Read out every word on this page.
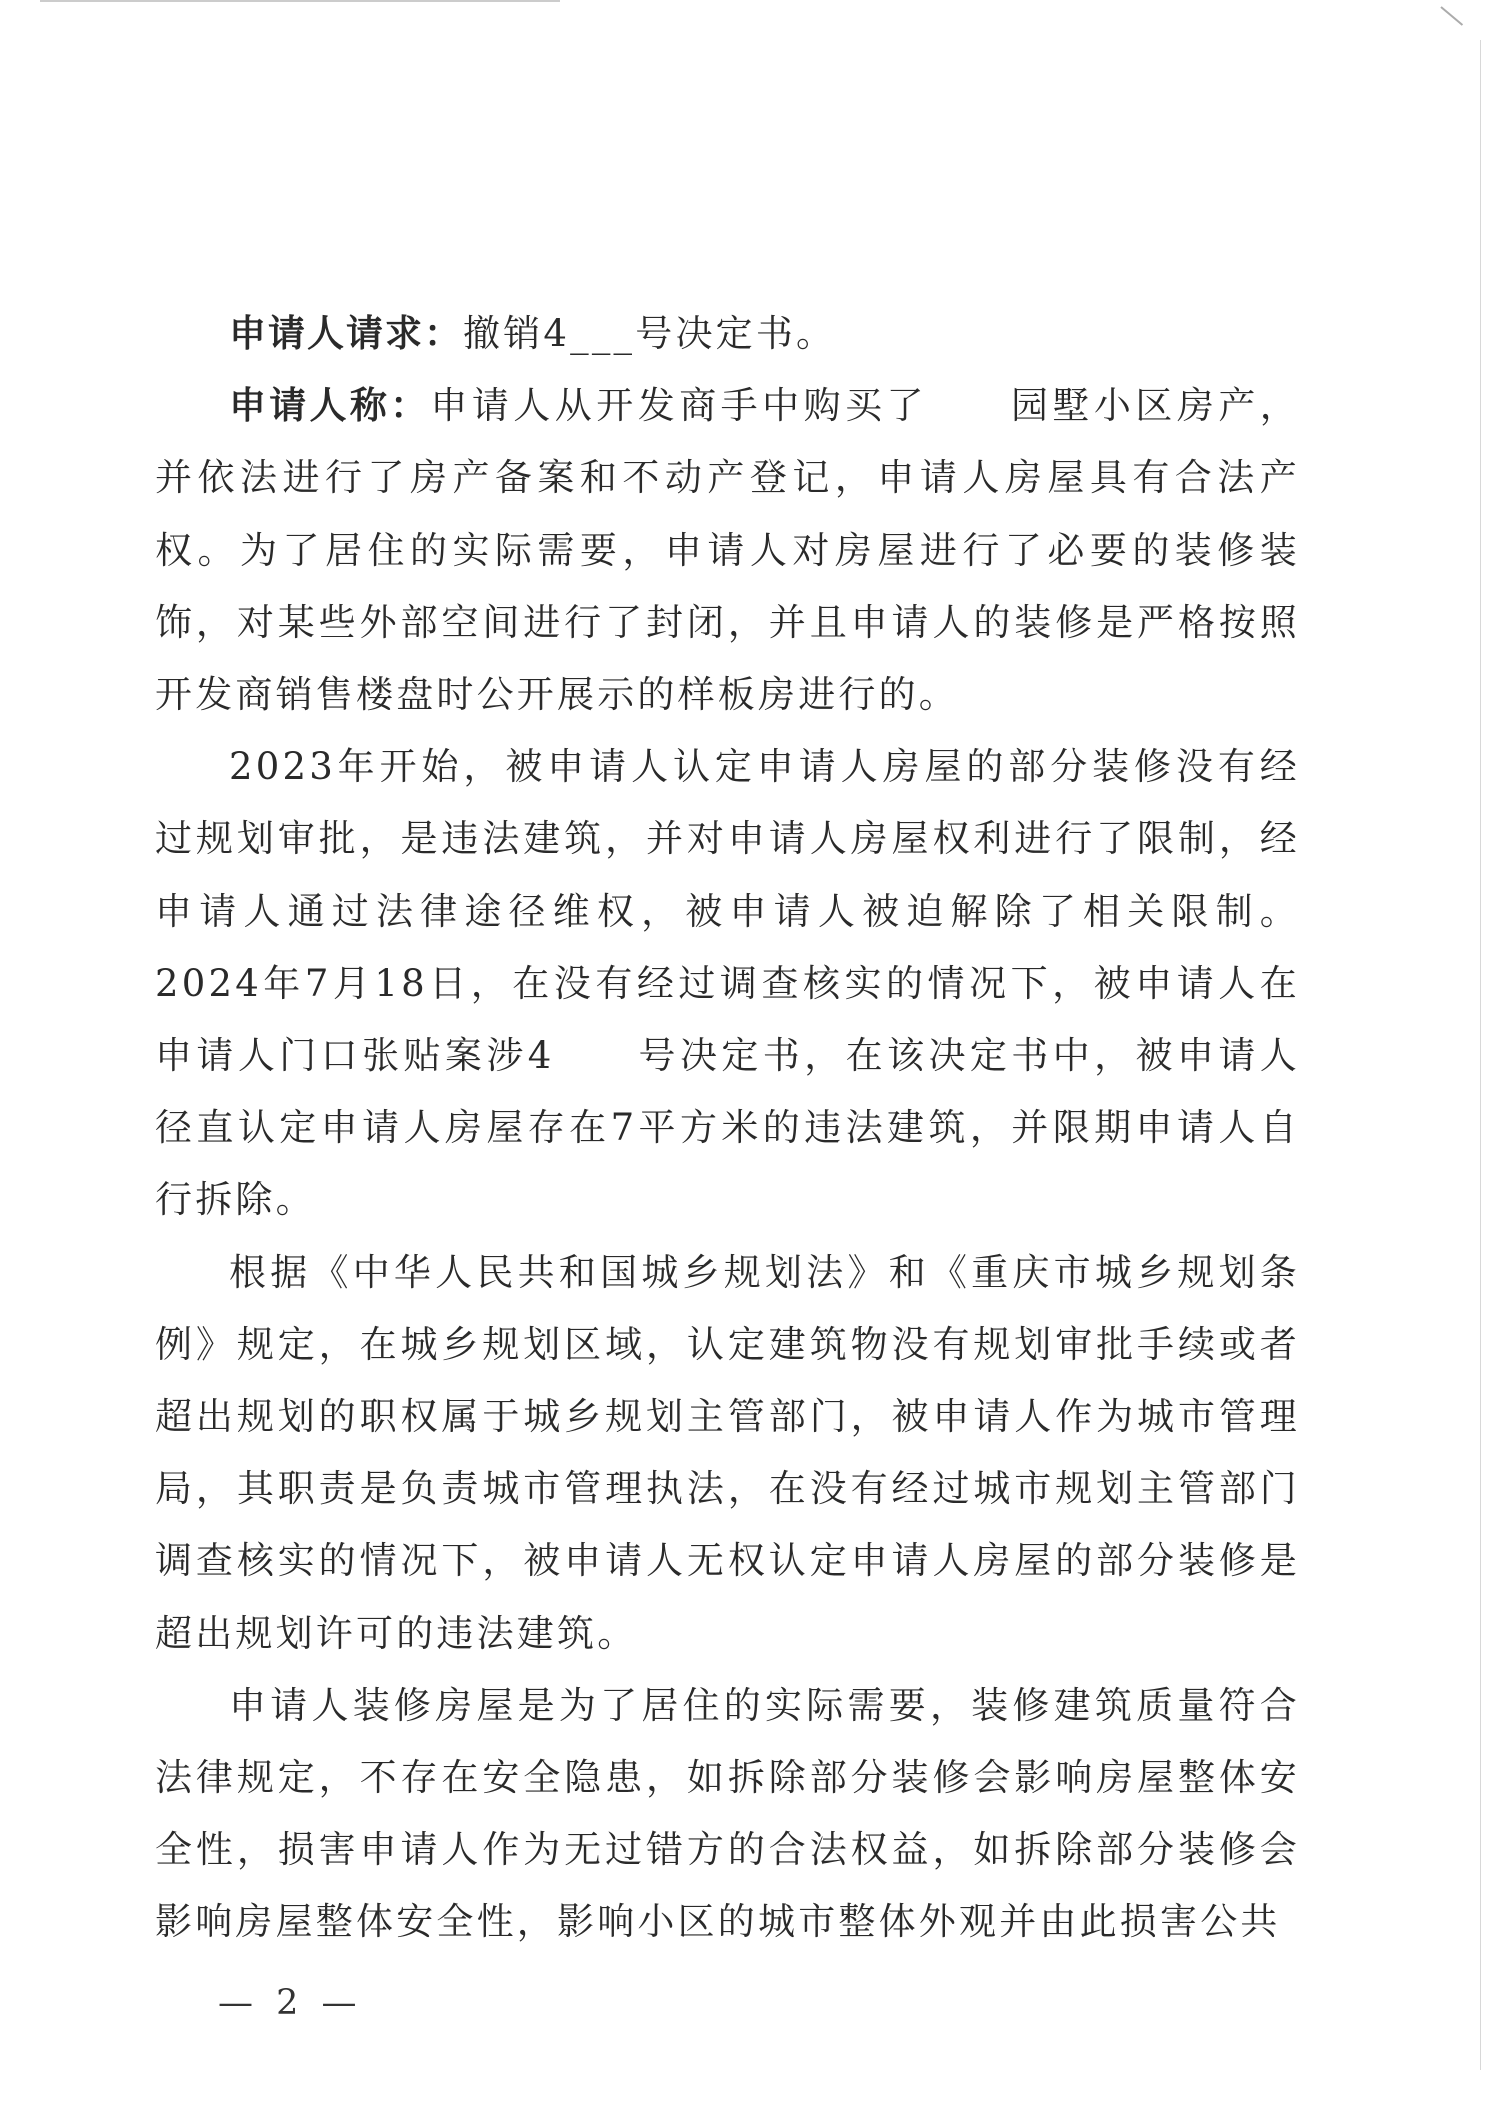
申请人请求：撤销4___号决定书。

申请人称：申请人从开发商手中购买了　　园墅小区房产，并依法进行了房产备案和不动产登记，申请人房屋具有合法产权。为了居住的实际需要，申请人对房屋进行了必要的装修装饰，对某些外部空间进行了封闭，并且申请人的装修是严格按照开发商销售楼盘时公开展示的样板房进行的。

2023年开始，被申请人认定申请人房屋的部分装修没有经过规划审批，是违法建筑，并对申请人房屋权利进行了限制，经申请人通过法律途径维权，被申请人被迫解除了相关限制。2024年7月18日，在没有经过调查核实的情况下，被申请人在申请人门口张贴案涉4　　号决定书，在该决定书中，被申请人径直认定申请人房屋存在7平方米的违法建筑，并限期申请人自行拆除。

根据《中华人民共和国城乡规划法》和《重庆市城乡规划条例》规定，在城乡规划区域，认定建筑物没有规划审批手续或者超出规划的职权属于城乡规划主管部门，被申请人作为城市管理局，其职责是负责城市管理执法，在没有经过城市规划主管部门调查核实的情况下，被申请人无权认定申请人房屋的部分装修是超出规划许可的违法建筑。

申请人装修房屋是为了居住的实际需要，装修建筑质量符合法律规定，不存在安全隐患，如拆除部分装修会影响房屋整体安全性，损害申请人作为无过错方的合法权益，如拆除部分装修会影响房屋整体安全性，影响小区的城市整体外观并由此损害公共

— 2 —
